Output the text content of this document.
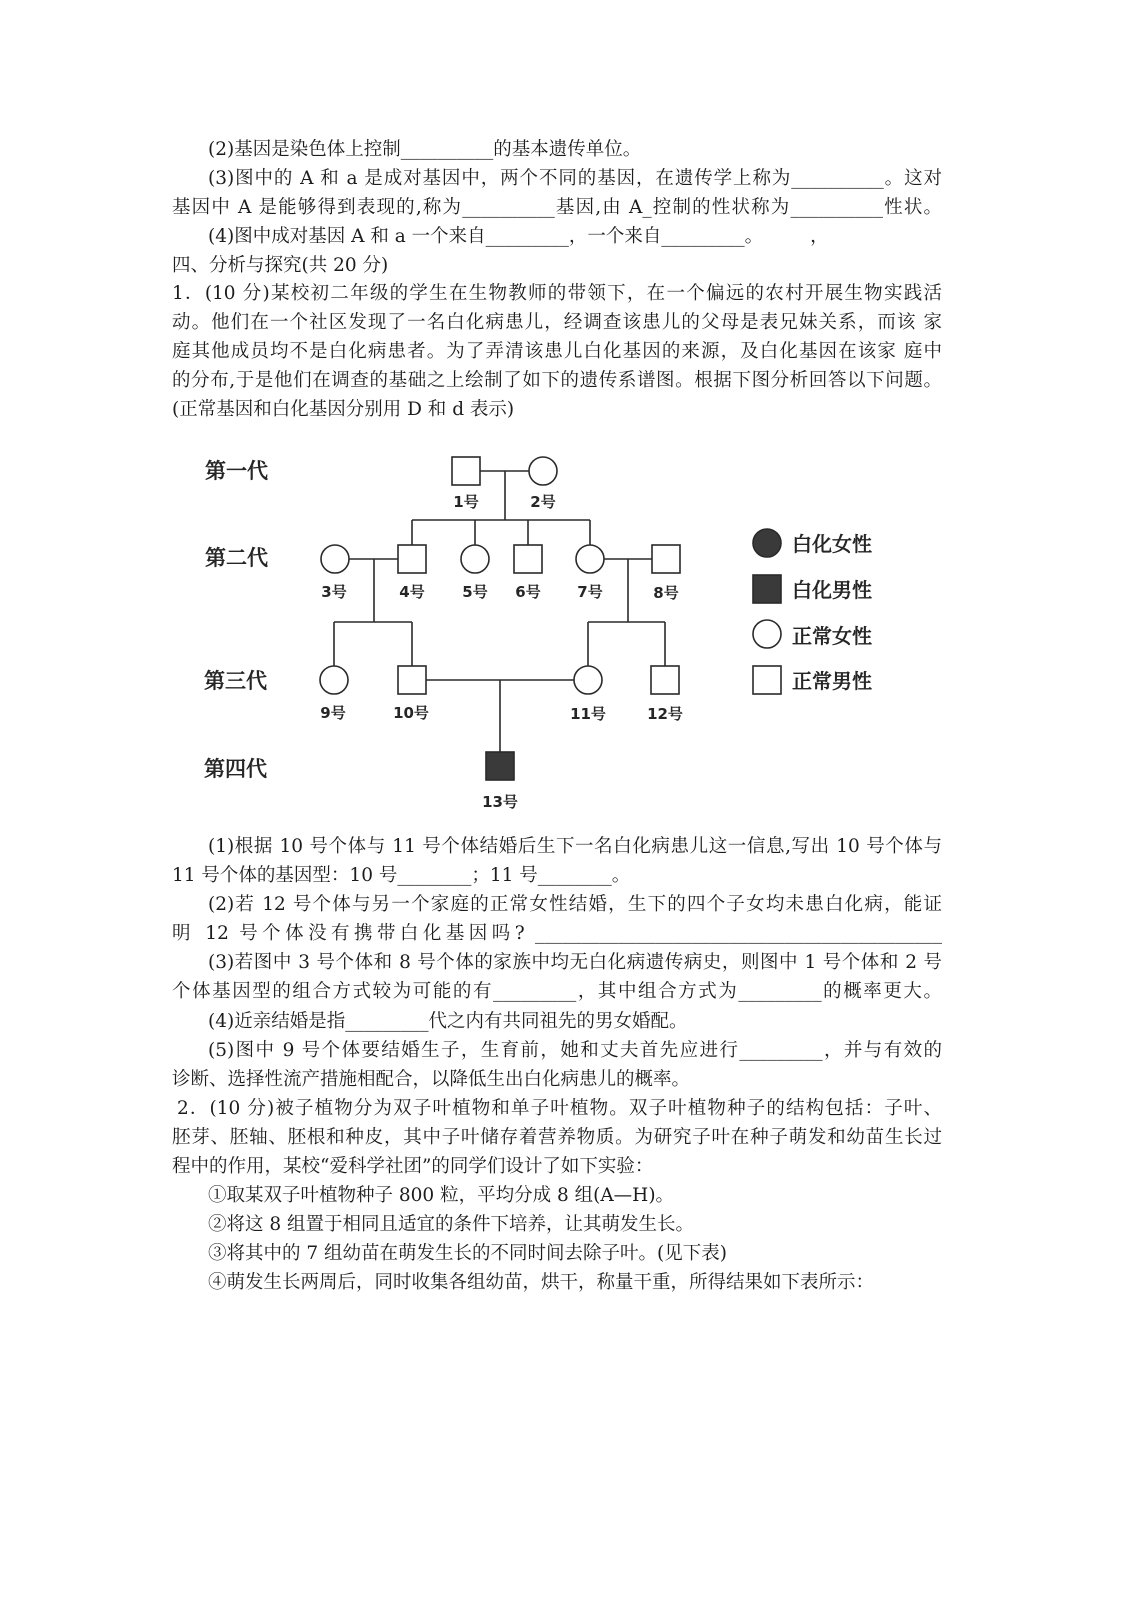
(2)基因是染色体上控制__________的基本遗传单位。
(3)图中的 A 和 a 是成对基因中，两个不同的基因，在遗传学上称为__________。这对
基因中 A 是能够得到表现的,称为__________基因,由 A_控制的性状称为__________性状。
(4)图中成对基因 A 和 a 一个来自_________，一个来自_________。        ，
四、分析与探究(共 20 分)
1．(10 分)某校初二年级的学生在生物教师的带领下，在一个偏远的农村开展生物实践活
动。他们在一个社区发现了一名白化病患儿，经调查该患儿的父母是表兄妹关系，而该 家
庭其他成员均不是白化病患者。为了弄清该患儿白化基因的来源，及白化基因在该家 庭中
的分布,于是他们在调查的基础之上绘制了如下的遗传系谱图。根据下图分析回答以下问题。
(正常基因和白化基因分别用 D 和 d 表示)
第一代
第二代
第三代
第四代
1号	2号
3号	4号	5号 6号 7号	8号
9号	10号	11号	12号
13号
白化女性
白化男性
正常女性
正常男性
(1)根据 10 号个体与 11 号个体结婚后生下一名白化病患儿这一信息,写出 10 号个体与
11 号个体的基因型：10 号________；11 号________。
(2)若 12 号个体与另一个家庭的正常女性结婚，生下的四个子女均未患白化病，能证
明 12 号个体没有携带白化基因吗? ____________________________________________
(3)若图中 3 号个体和 8 号个体的家族中均无白化病遗传病史，则图中 1 号个体和 2 号
个体基因型的组合方式较为可能的有_________，其中组合方式为_________的概率更大。
(4)近亲结婚是指_________代之内有共同祖先的男女婚配。
(5)图中 9 号个体要结婚生子，生育前，她和丈夫首先应进行_________，并与有效的
诊断、选择性流产措施相配合，以降低生出白化病患儿的概率。
2．(10 分)被子植物分为双子叶植物和单子叶植物。双子叶植物种子的结构包括：子叶、
胚芽、胚轴、胚根和种皮，其中子叶储存着营养物质。为研究子叶在种子萌发和幼苗生长过
程中的作用，某校“爱科学社团”的同学们设计了如下实验：
①取某双子叶植物种子 800 粒，平均分成 8 组(A—H)。
②将这 8 组置于相同且适宜的条件下培养，让其萌发生长。
③将其中的 7 组幼苗在萌发生长的不同时间去除子叶。(见下表)
④萌发生长两周后，同时收集各组幼苗，烘干，称量干重，所得结果如下表所示：
